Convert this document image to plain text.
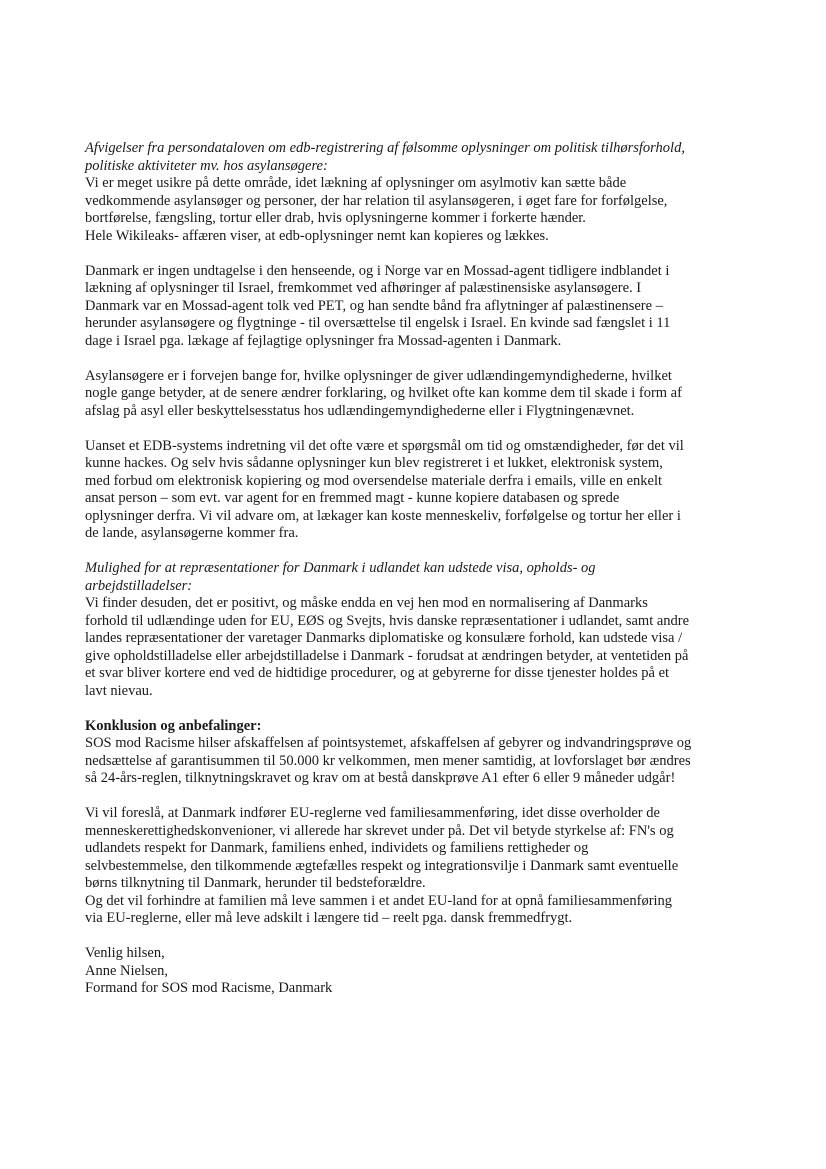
Afvigelser fra persondataloven om edb-registrering af følsomme oplysninger om politisk tilhørsforhold,
politiske aktiviteter mv. hos asylansøgere:
Vi er meget usikre på dette område, idet lækning af oplysninger om asylmotiv kan sætte både
vedkommende asylansøger og personer, der har relation til asylansøgeren, i øget fare for forfølgelse,
bortførelse, fængsling, tortur eller drab, hvis oplysningerne kommer i forkerte hænder.
Hele Wikileaks- affæren viser, at edb-oplysninger nemt kan kopieres og lækkes.
Danmark er ingen undtagelse i den henseende, og i Norge var en Mossad-agent tidligere indblandet i
lækning af oplysninger til Israel, fremkommet ved afhøringer af palæstinensiske asylansøgere. I
Danmark var en Mossad-agent tolk ved PET, og han sendte bånd fra aflytninger af palæstinensere –
herunder asylansøgere og flygtninge - til oversættelse til engelsk i Israel. En kvinde sad fængslet i 11
dage i Israel pga. lækage af fejlagtige oplysninger fra Mossad-agenten i Danmark.
Asylansøgere er i forvejen bange for, hvilke oplysninger de giver udlændingemyndighederne, hvilket
nogle gange betyder, at de senere ændrer forklaring, og hvilket ofte kan komme dem til skade i form af
afslag på asyl eller beskyttelsesstatus hos udlændingemyndighederne eller i Flygtningenævnet.
Uanset et EDB-systems indretning vil det ofte være et spørgsmål om tid og omstændigheder, før det vil
kunne hackes. Og selv hvis sådanne oplysninger kun blev registreret i et lukket, elektronisk system,
med forbud om elektronisk kopiering og mod oversendelse materiale derfra i emails, ville en enkelt
ansat person – som evt. var agent for en fremmed magt - kunne kopiere databasen og sprede
oplysninger derfra. Vi vil advare om, at lækager kan koste menneskeliv, forfølgelse og tortur her eller i
de lande, asylansøgerne kommer fra.
Mulighed for at repræsentationer for Danmark i udlandet kan udstede visa, opholds- og
arbejdstilladelser:
Vi finder desuden, det er positivt, og måske endda en vej hen mod en normalisering af Danmarks
forhold til udlændinge uden for EU, EØS og Svejts, hvis danske repræsentationer i udlandet, samt andre
landes repræsentationer der varetager Danmarks diplomatiske og konsulære forhold, kan udstede visa /
give opholdstilladelse eller arbejdstilladelse i Danmark - forudsat at ændringen betyder, at ventetiden på
et svar bliver kortere end ved de hidtidige procedurer, og at gebyrerne for disse tjenester holdes på et
lavt nievau.
Konklusion og anbefalinger:
SOS mod Racisme hilser afskaffelsen af pointsystemet, afskaffelsen af gebyrer og indvandringsprøve og
nedsættelse af garantisummen til 50.000 kr velkommen, men mener samtidig, at lovforslaget bør ændres
så 24-års-reglen, tilknytningskravet og krav om at bestå danskprøve A1 efter 6 eller 9 måneder udgår!
Vi vil foreslå, at Danmark indfører EU-reglerne ved familiesammenføring, idet disse overholder de
menneskerettighedskonvenioner, vi allerede har skrevet under på. Det vil betyde styrkelse af: FN's og
udlandets respekt for Danmark, familiens enhed, individets og familiens rettigheder og
selvbestemmelse, den tilkommende ægtefælles respekt og integrationsvilje i Danmark samt eventuelle
børns tilknytning til Danmark, herunder til bedsteforældre.
Og det vil forhindre at familien må leve sammen i et andet EU-land for at opnå familiesammenføring
via EU-reglerne, eller må leve adskilt i længere tid – reelt pga. dansk fremmedfrygt.
Venlig hilsen,
Anne Nielsen,
Formand for SOS mod Racisme, Danmark
